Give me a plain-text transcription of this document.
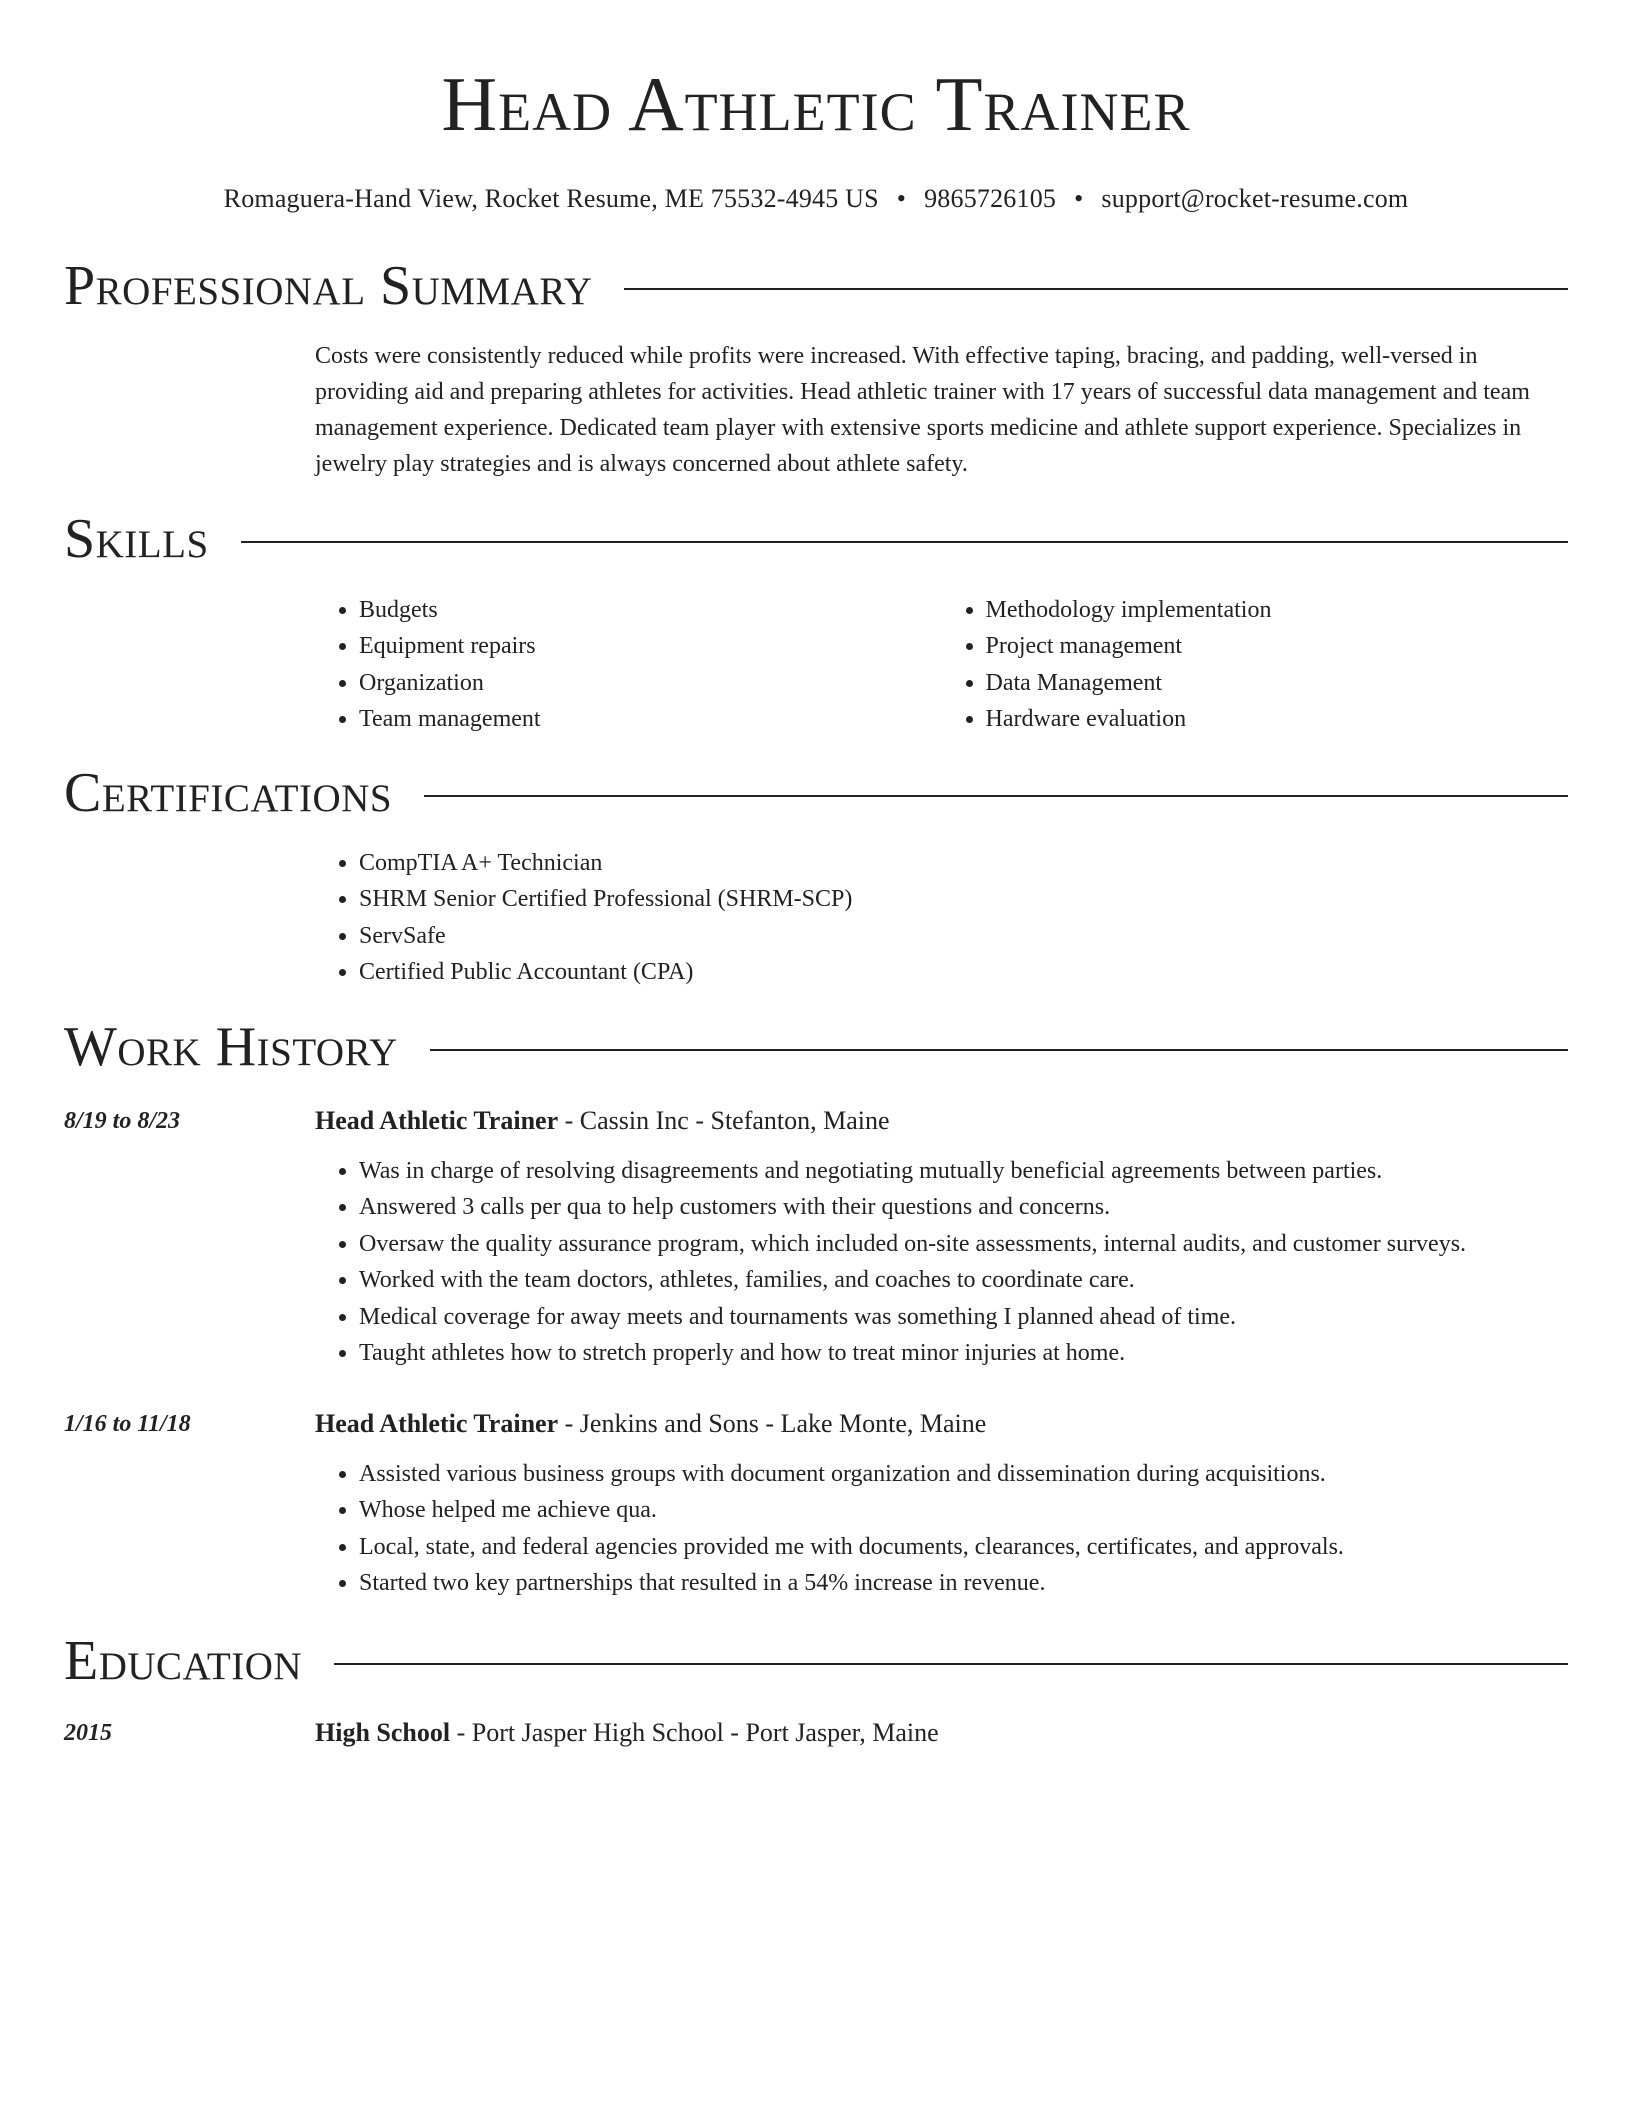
Head Athletic Trainer
Romaguera-Hand View, Rocket Resume, ME 75532-4945 US • 9865726105 • support@rocket-resume.com
Professional Summary

Costs were consistently reduced while profits were increased. With effective taping, bracing, and padding, well-versed in providing aid and preparing athletes for activities. Head athletic trainer with 17 years of successful data management and team management experience. Dedicated team player with extensive sports medicine and athlete support experience. Specializes in jewelry play strategies and is always concerned about athlete safety.

Skills
• Budgets
• Equipment repairs
• Organization
• Team management
• Methodology implementation
• Project management
• Data Management
• Hardware evaluation
Certifications
• CompTIA A+ Technician
• SHRM Senior Certified Professional (SHRM-SCP)
• ServSafe
• Certified Public Accountant (CPA)
Work History
8/19 to 8/23	Head Athletic Trainer - Cassin Inc - Stefanton, Maine
• Was in charge of resolving disagreements and negotiating mutually beneficial agreements between parties.
• Answered 3 calls per qua to help customers with their questions and concerns.
• Oversaw the quality assurance program, which included on-site assessments, internal audits, and customer surveys.
• Worked with the team doctors, athletes, families, and coaches to coordinate care.
• Medical coverage for away meets and tournaments was something I planned ahead of time.
• Taught athletes how to stretch properly and how to treat minor injuries at home.
1/16 to 11/18	Head Athletic Trainer - Jenkins and Sons - Lake Monte, Maine
• Assisted various business groups with document organization and dissemination during acquisitions.
• Whose helped me achieve qua.
• Local, state, and federal agencies provided me with documents, clearances, certificates, and approvals.
• Started two key partnerships that resulted in a 54% increase in revenue.
Education
2015	High School - Port Jasper High School - Port Jasper, Maine
